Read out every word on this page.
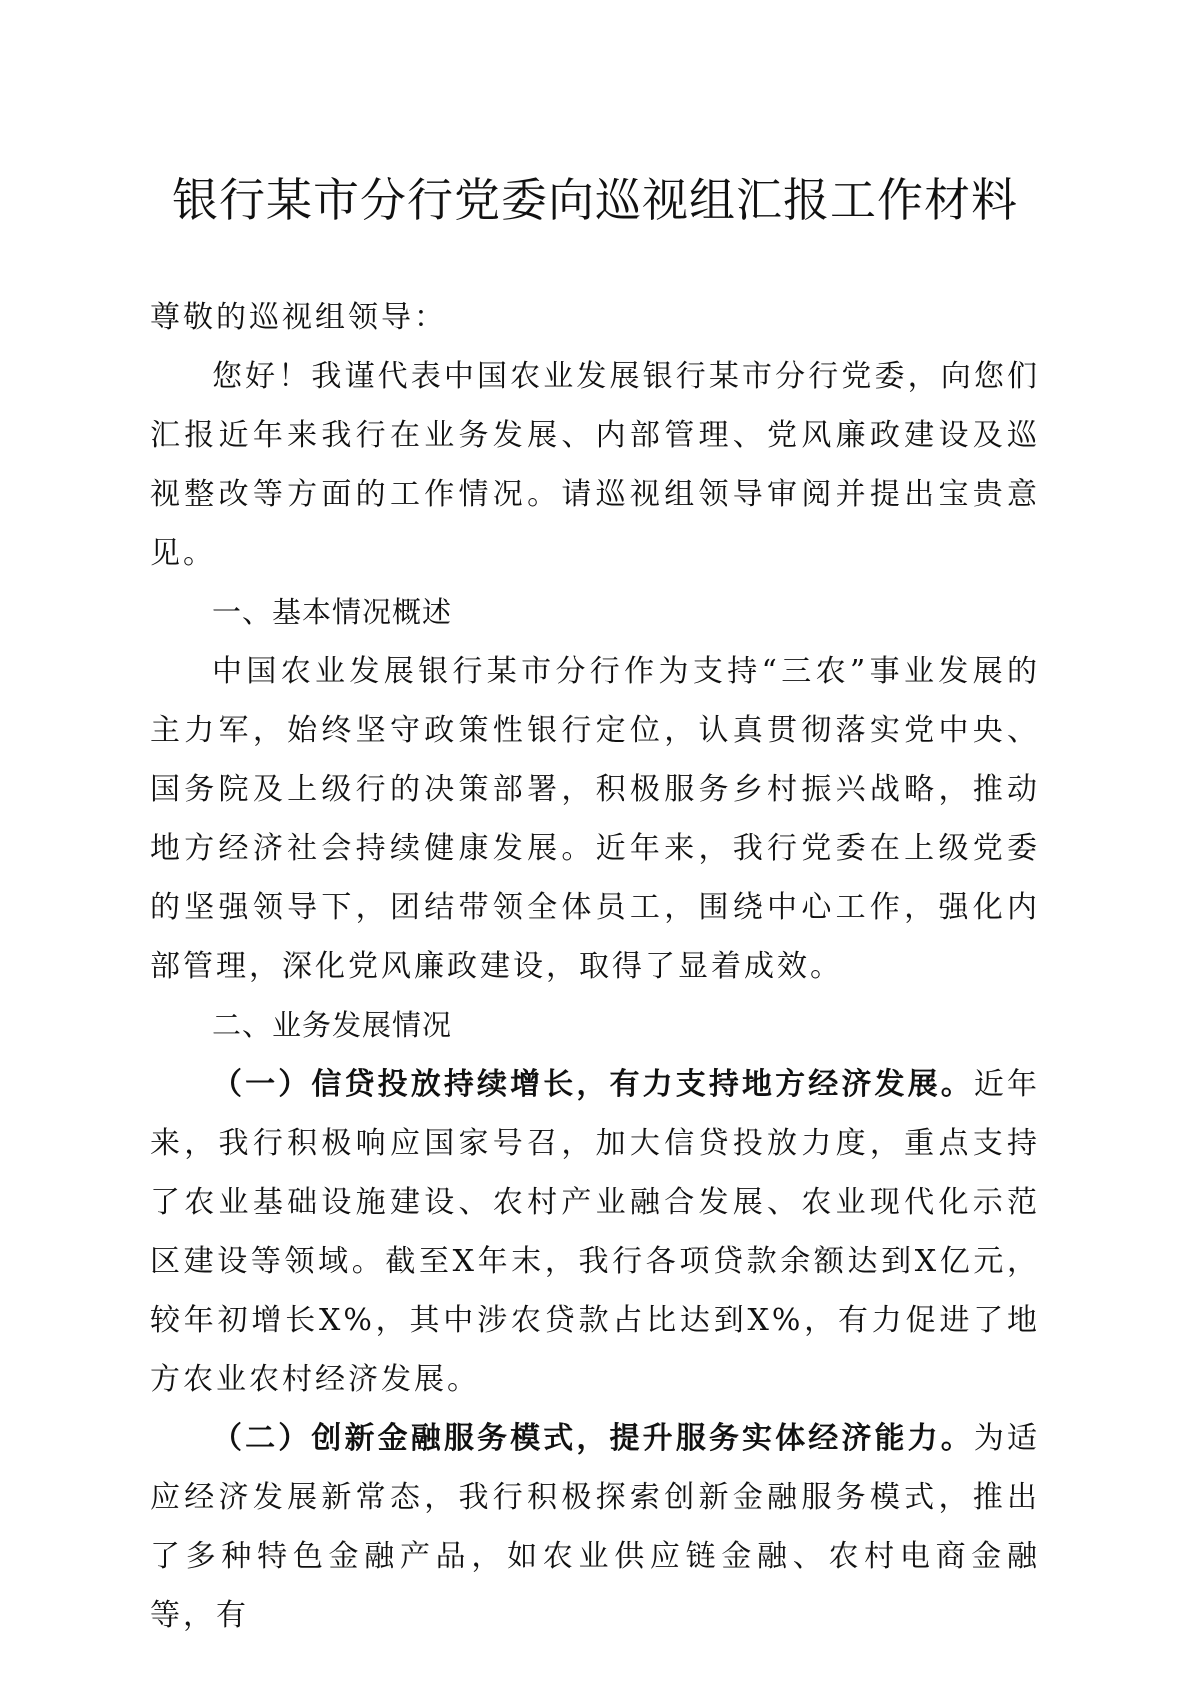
银行某市分行党委向巡视组汇报工作材料

尊敬的巡视组领导：

您好！我谨代表中国农业发展银行某市分行党委，向您们汇报近年来我行在业务发展、内部管理、党风廉政建设及巡视整改等方面的工作情况。请巡视组领导审阅并提出宝贵意见。

一、基本情况概述

中国农业发展银行某市分行作为支持“三农”事业发展的主力军，始终坚守政策性银行定位，认真贯彻落实党中央、国务院及上级行的决策部署，积极服务乡村振兴战略，推动地方经济社会持续健康发展。近年来，我行党委在上级党委的坚强领导下，团结带领全体员工，围绕中心工作，强化内部管理，深化党风廉政建设，取得了显着成效。

二、业务发展情况

（一）信贷投放持续增长，有力支持地方经济发展。近年来，我行积极响应国家号召，加大信贷投放力度，重点支持了农业基础设施建设、农村产业融合发展、农业现代化示范区建设等领域。截至X年末，我行各项贷款余额达到X亿元，较年初增长X%，其中涉农贷款占比达到X%，有力促进了地方农业农村经济发展。

（二）创新金融服务模式，提升服务实体经济能力。为适应经济发展新常态，我行积极探索创新金融服务模式，推出了多种特色金融产品，如农业供应链金融、农村电商金融等，有
